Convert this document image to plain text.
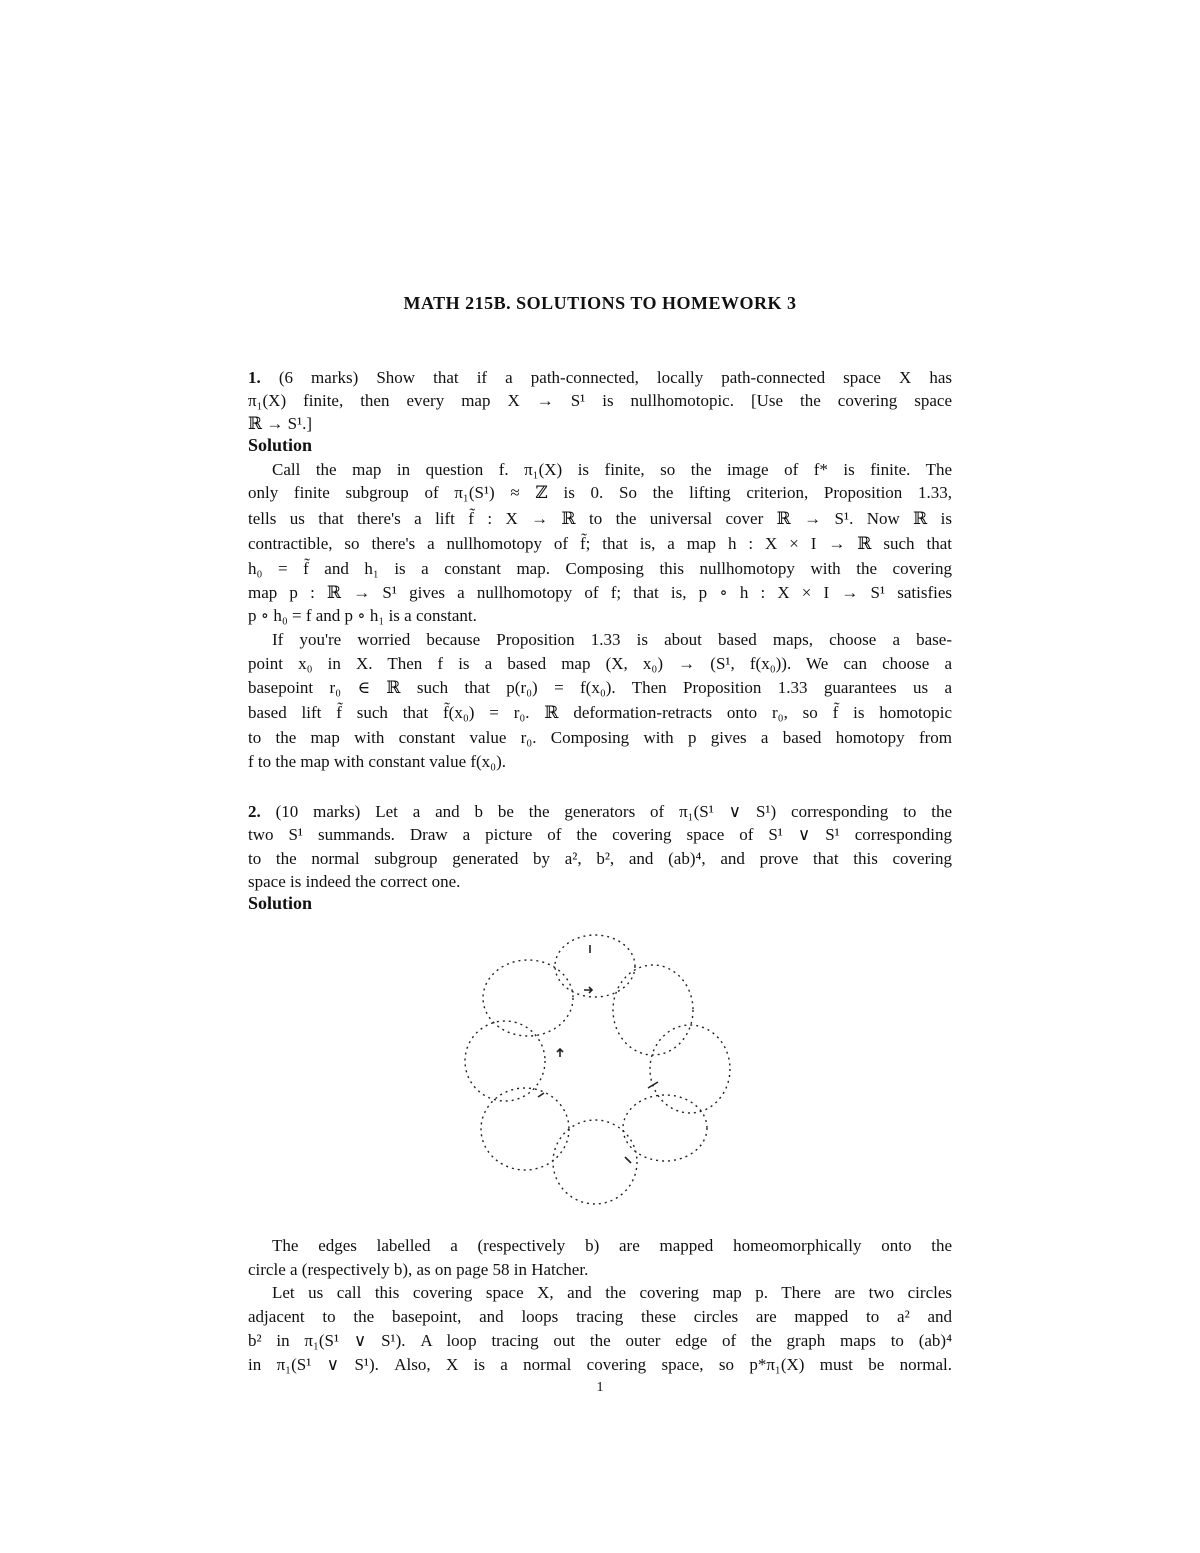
MATH 215B. SOLUTIONS TO HOMEWORK 3
1. (6 marks) Show that if a path-connected, locally path-connected space X has
π₁(X) finite, then every map X → S¹ is nullhomotopic. [Use the covering space
ℝ → S¹.]
Solution
Call the map in question f. π₁(X) is finite, so the image of f* is finite. The
only finite subgroup of π₁(S¹) ≈ ℤ is 0. So the lifting criterion, Proposition 1.33,
tells us that there's a lift f̃ : X → ℝ to the universal cover ℝ → S¹. Now ℝ is
contractible, so there's a nullhomotopy of f̃; that is, a map h : X × I → ℝ such that
h₀ = f̃ and h₁ is a constant map. Composing this nullhomotopy with the covering
map p : ℝ → S¹ gives a nullhomotopy of f; that is, p ∘ h : X × I → S¹ satisfies
p ∘ h₀ = f and p ∘ h₁ is a constant.
If you're worried because Proposition 1.33 is about based maps, choose a base-
point x₀ in X. Then f is a based map (X, x₀) → (S¹, f(x₀)). We can choose a
basepoint r₀ ∈ ℝ such that p(r₀) = f(x₀). Then Proposition 1.33 guarantees us a
based lift f̃ such that f̃(x₀) = r₀. ℝ deformation-retracts onto r₀, so f̃ is homotopic
to the map with constant value r₀. Composing with p gives a based homotopy from
f to the map with constant value f(x₀).
2. (10 marks) Let a and b be the generators of π₁(S¹ ∨ S¹) corresponding to the
two S¹ summands. Draw a picture of the covering space of S¹ ∨ S¹ corresponding
to the normal subgroup generated by a², b², and (ab)⁴, and prove that this covering
space is indeed the correct one.
Solution
The edges labelled a (respectively b) are mapped homeomorphically onto the
circle a (respectively b), as on page 58 in Hatcher.
Let us call this covering space X, and the covering map p. There are two circles
adjacent to the basepoint, and loops tracing these circles are mapped to a² and
b² in π₁(S¹ ∨ S¹). A loop tracing out the outer edge of the graph maps to (ab)⁴
in π₁(S¹ ∨ S¹). Also, X is a normal covering space, so p*π₁(X) must be normal.
1
